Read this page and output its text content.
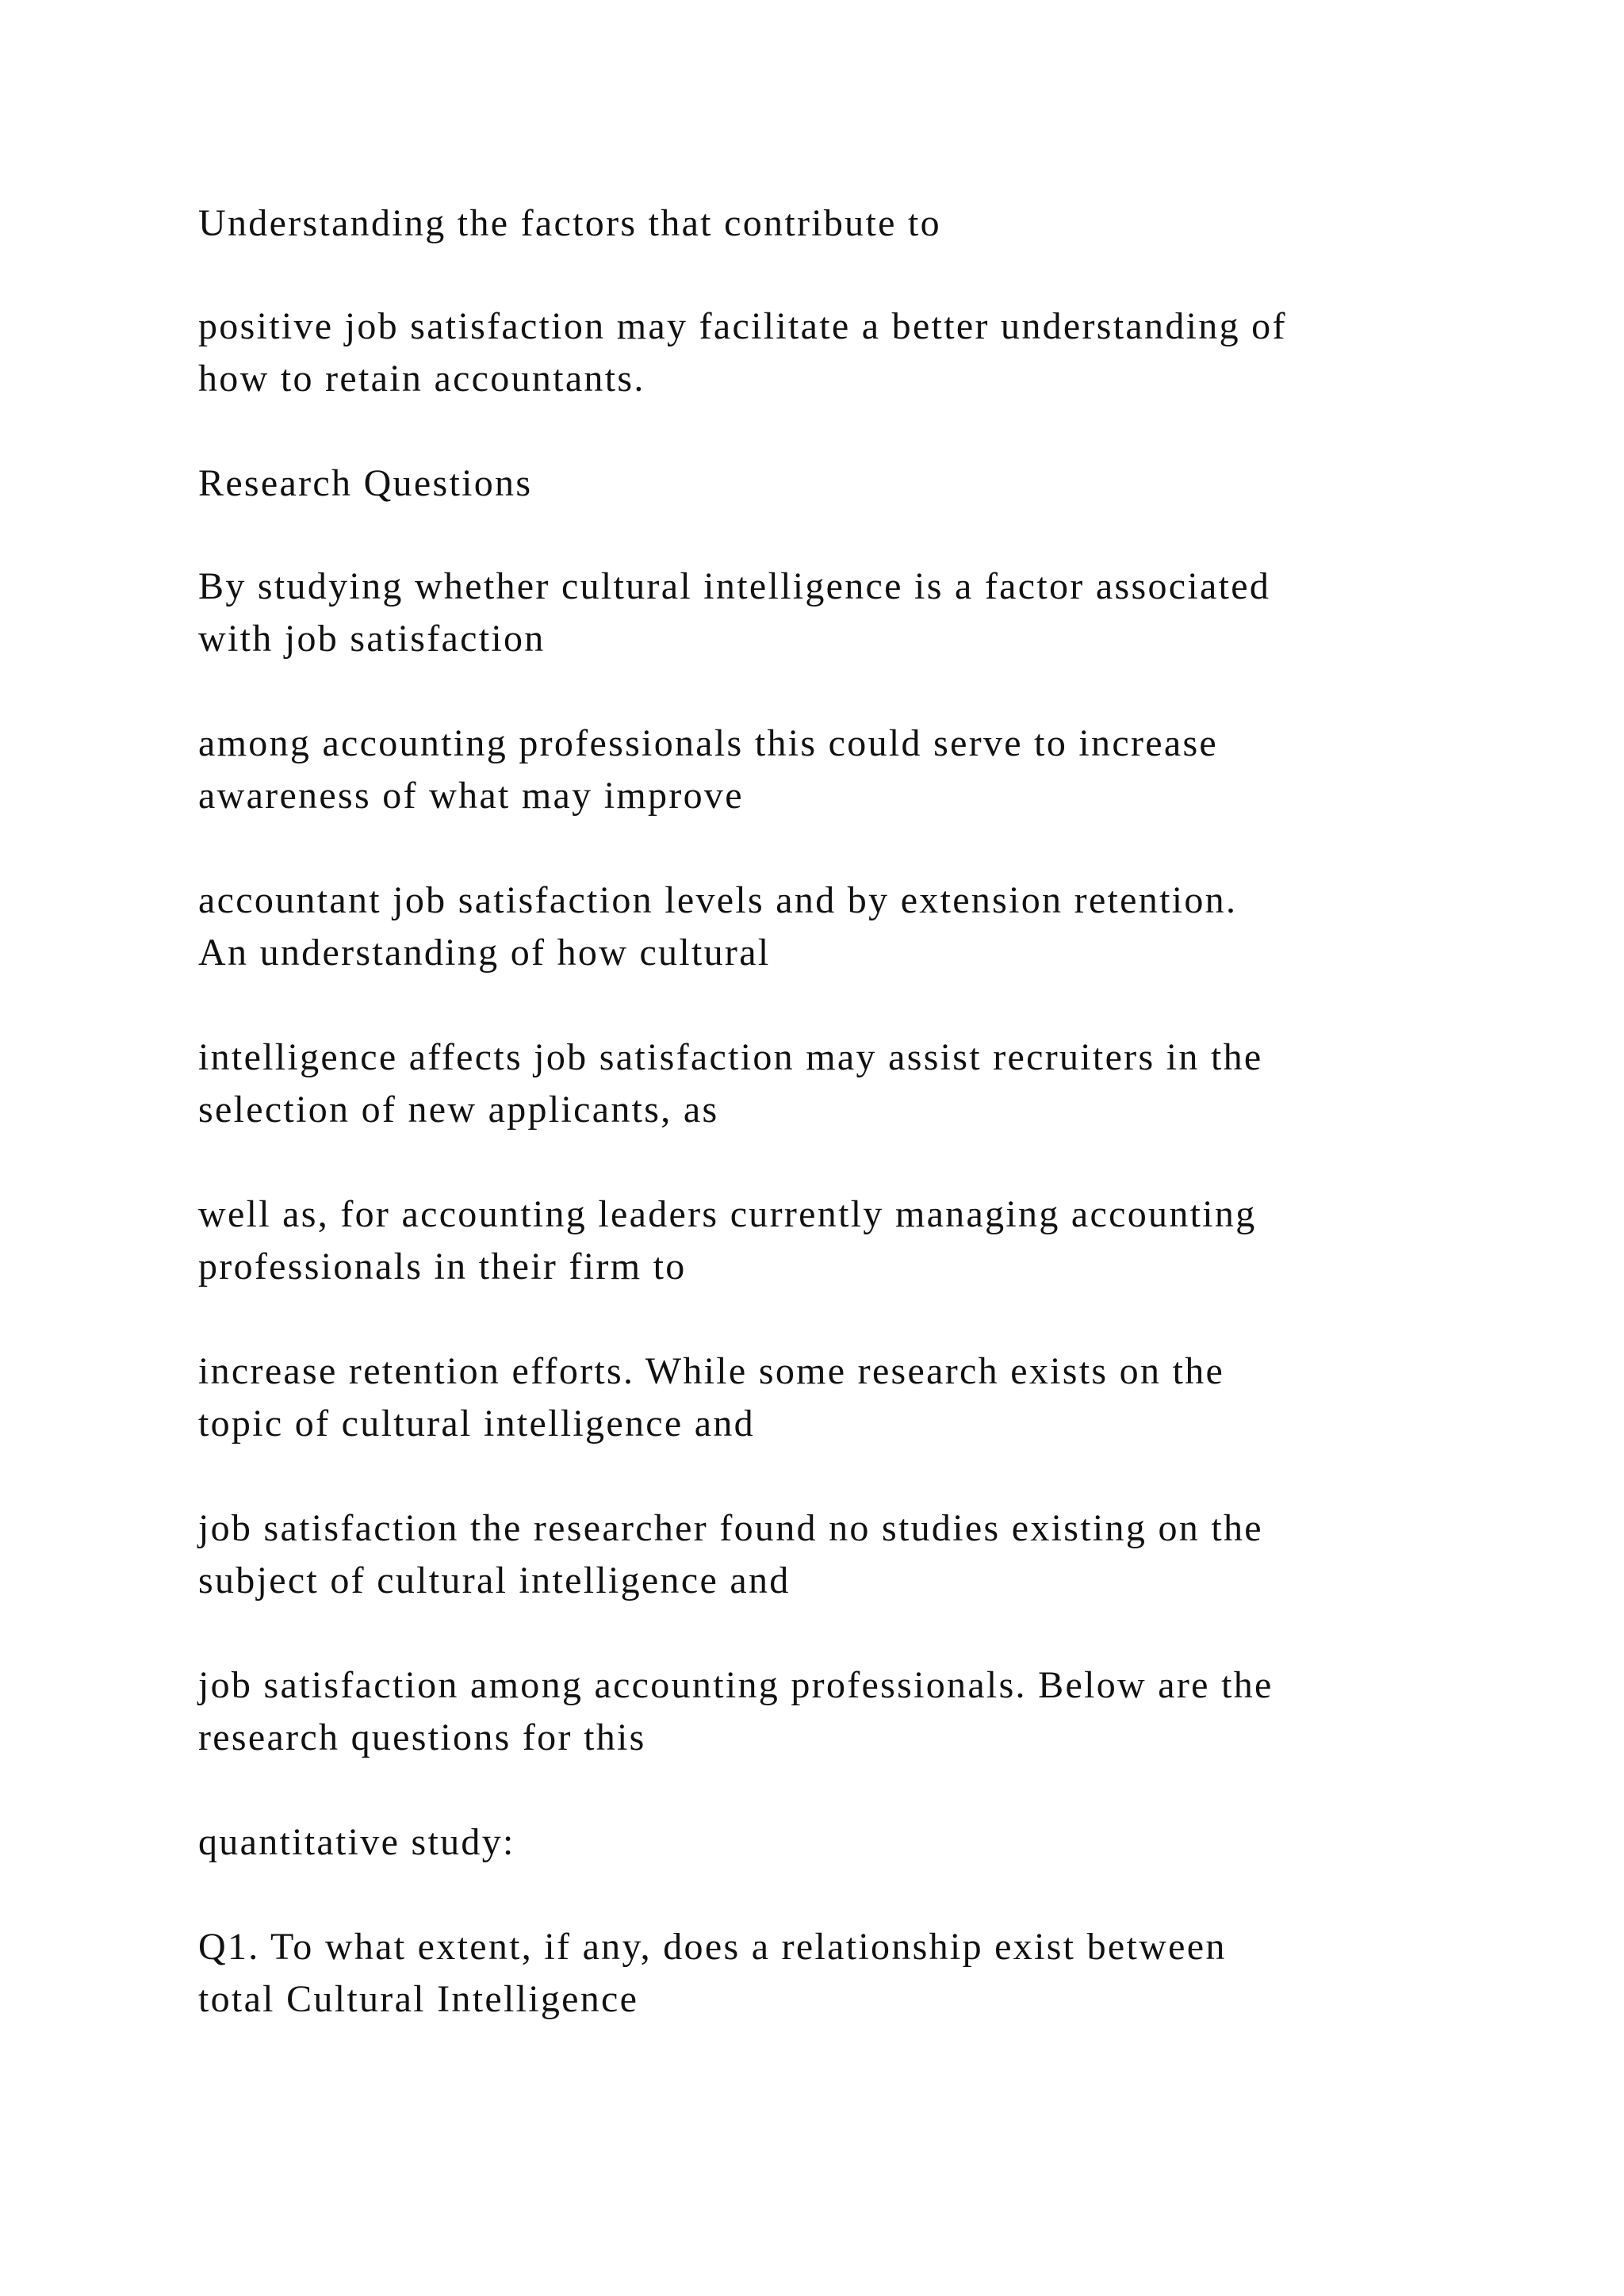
Understanding the factors that contribute to
positive job satisfaction may facilitate a better understanding of
how to retain accountants.
Research Questions
By studying whether cultural intelligence is a factor associated
with job satisfaction
among accounting professionals this could serve to increase
awareness of what may improve
accountant job satisfaction levels and by extension retention.
An understanding of how cultural
intelligence affects job satisfaction may assist recruiters in the
selection of new applicants, as
well as, for accounting leaders currently managing accounting
professionals in their firm to
increase retention efforts. While some research exists on the
topic of cultural intelligence and
job satisfaction the researcher found no studies existing on the
subject of cultural intelligence and
job satisfaction among accounting professionals. Below are the
research questions for this
quantitative study:
Q1. To what extent, if any, does a relationship exist between
total Cultural Intelligence
